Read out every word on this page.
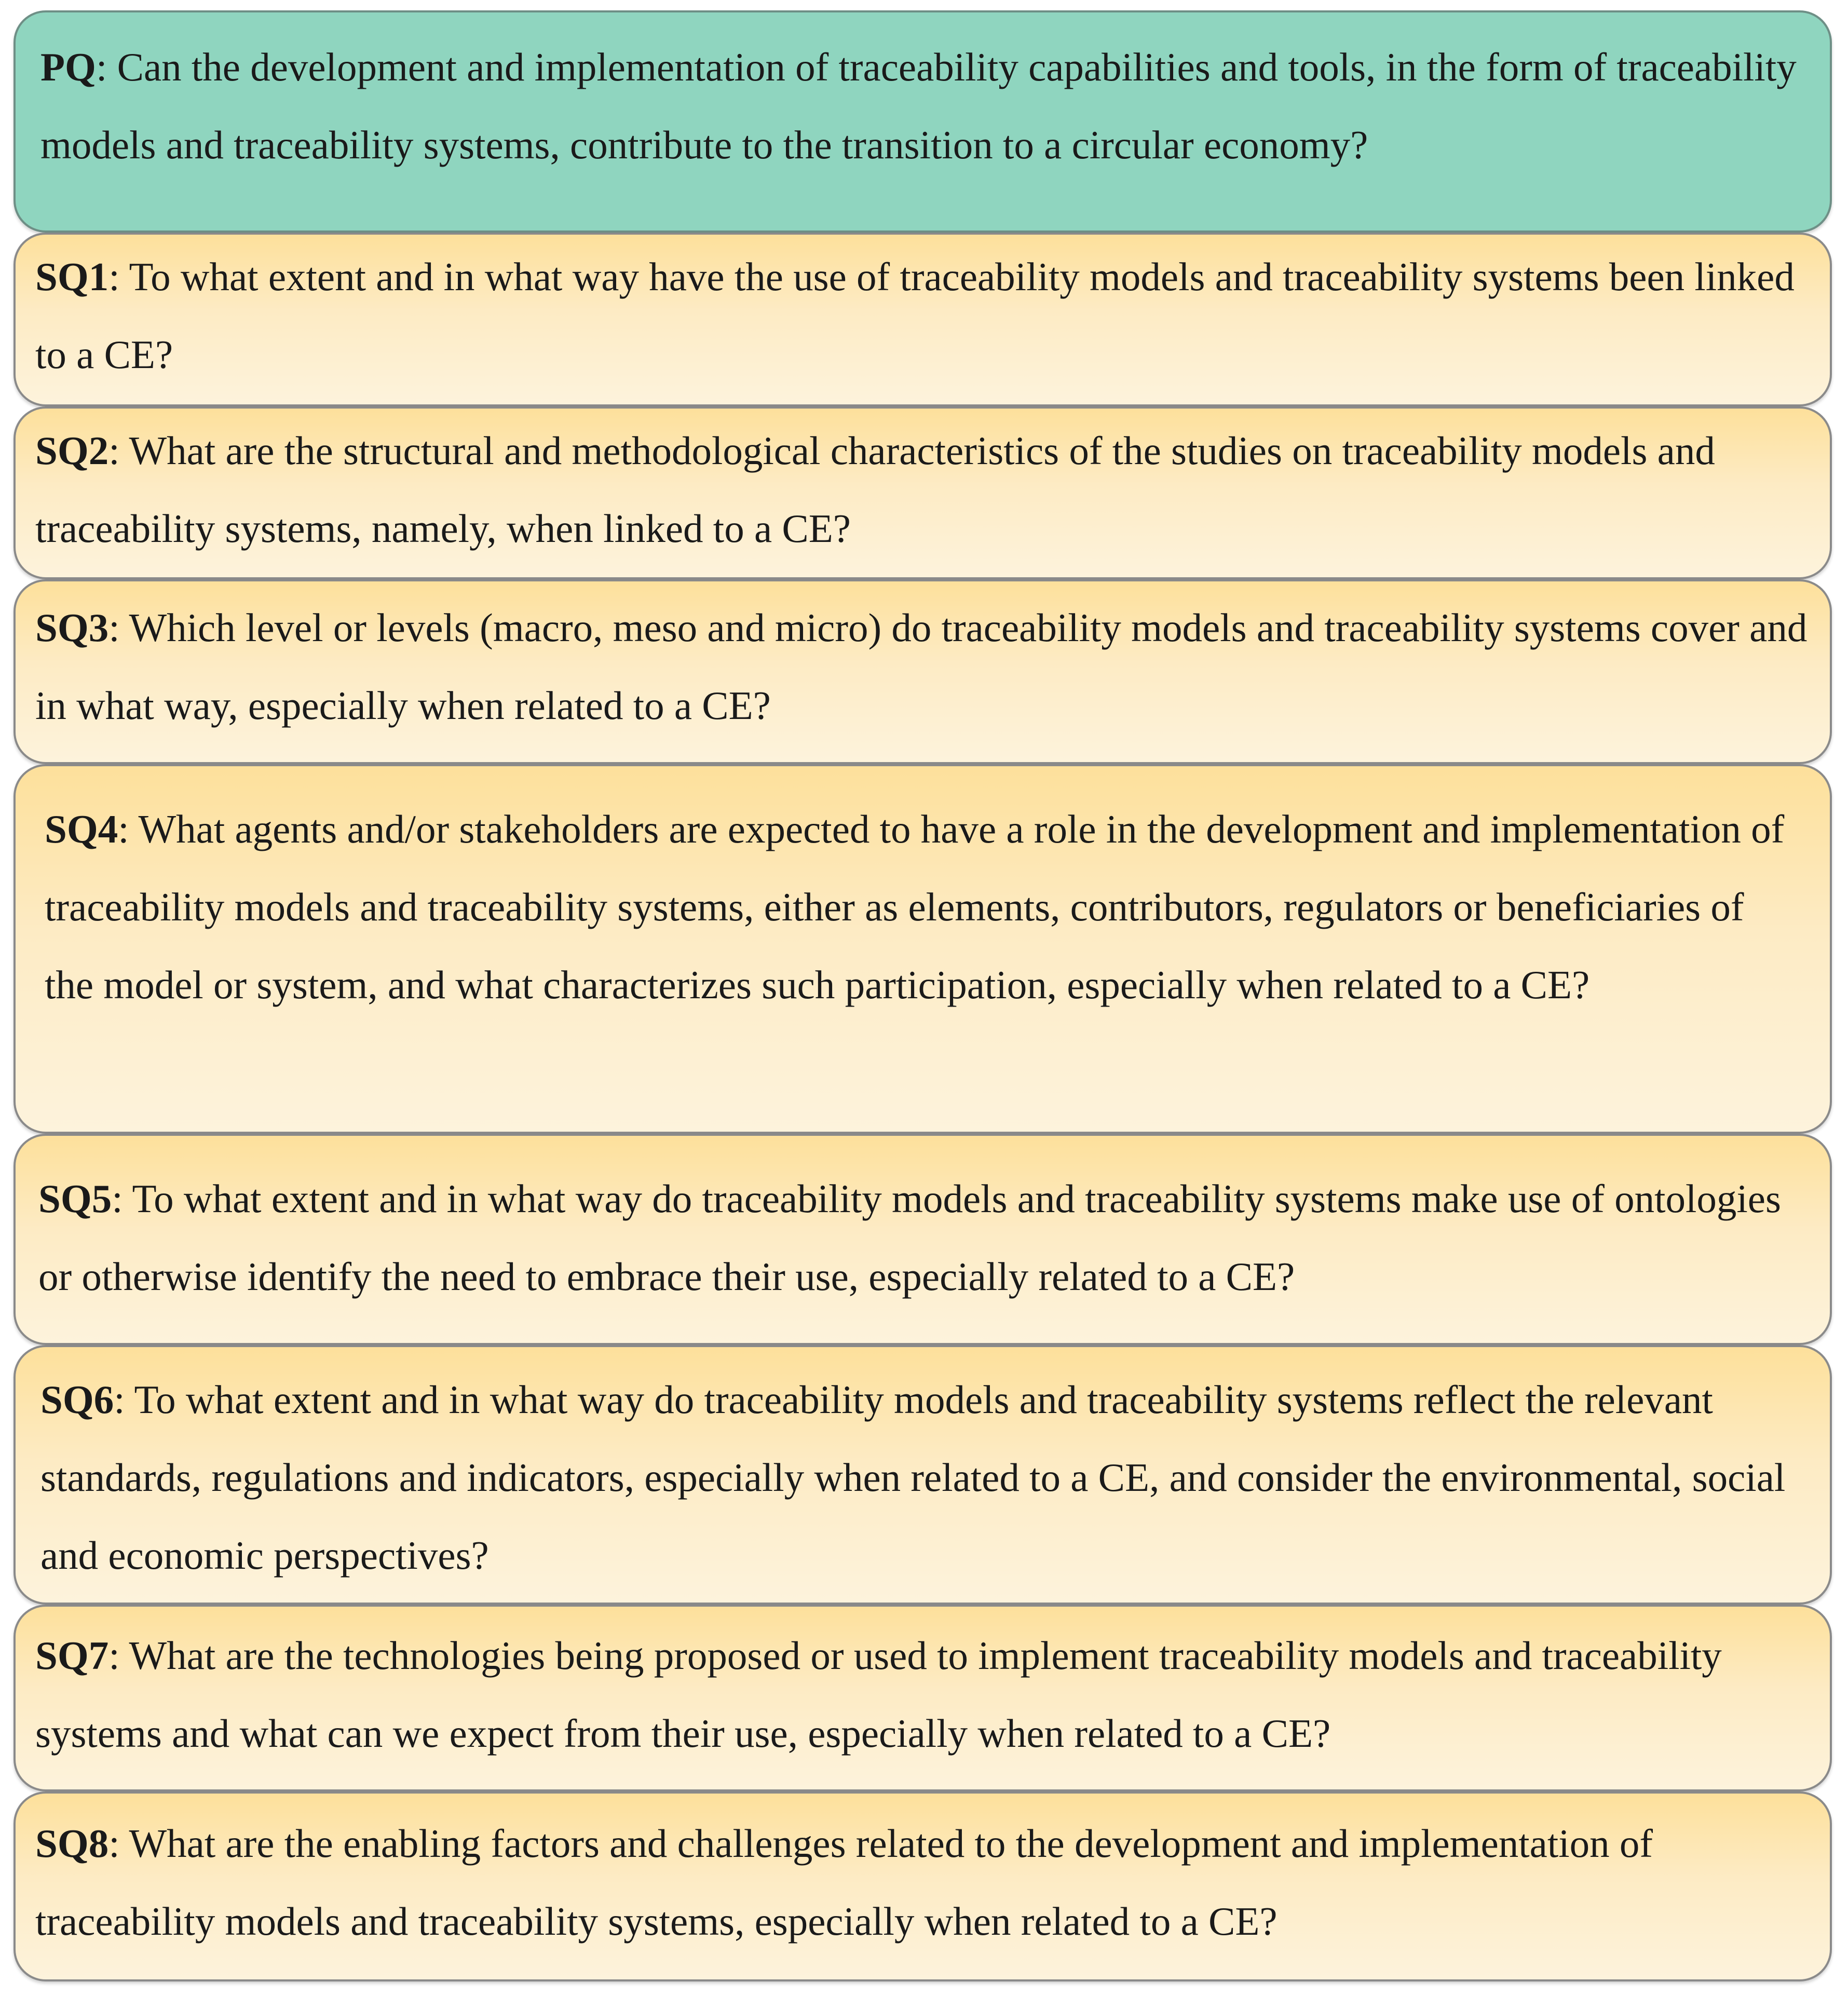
PQ: Can the development and implementation of traceability capabilities and tools, in the form of traceability models and traceability systems, contribute to the transition to a circular economy?
SQ1: To what extent and in what way have the use of traceability models and traceability systems been linked to a CE?
SQ2: What are the structural and methodological characteristics of the studies on traceability models and traceability systems, namely, when linked to a CE?
SQ3: Which level or levels (macro, meso and micro) do traceability models and traceability systems cover and in what way, especially when related to a CE?
SQ4: What agents and/or stakeholders are expected to have a role in the development and implementation of traceability models and traceability systems, either as elements, contributors, regulators or beneficiaries of the model or system, and what characterizes such participation, especially when related to a CE?
SQ5: To what extent and in what way do traceability models and traceability systems make use of ontologies or otherwise identify the need to embrace their use, especially related to a CE?
SQ6: To what extent and in what way do traceability models and traceability systems reflect the relevant standards, regulations and indicators, especially when related to a CE, and consider the environmental, social and economic perspectives?
SQ7: What are the technologies being proposed or used to implement traceability models and traceability systems and what can we expect from their use, especially when related to a CE?
SQ8: What are the enabling factors and challenges related to the development and implementation of traceability models and traceability systems, especially when related to a CE?
